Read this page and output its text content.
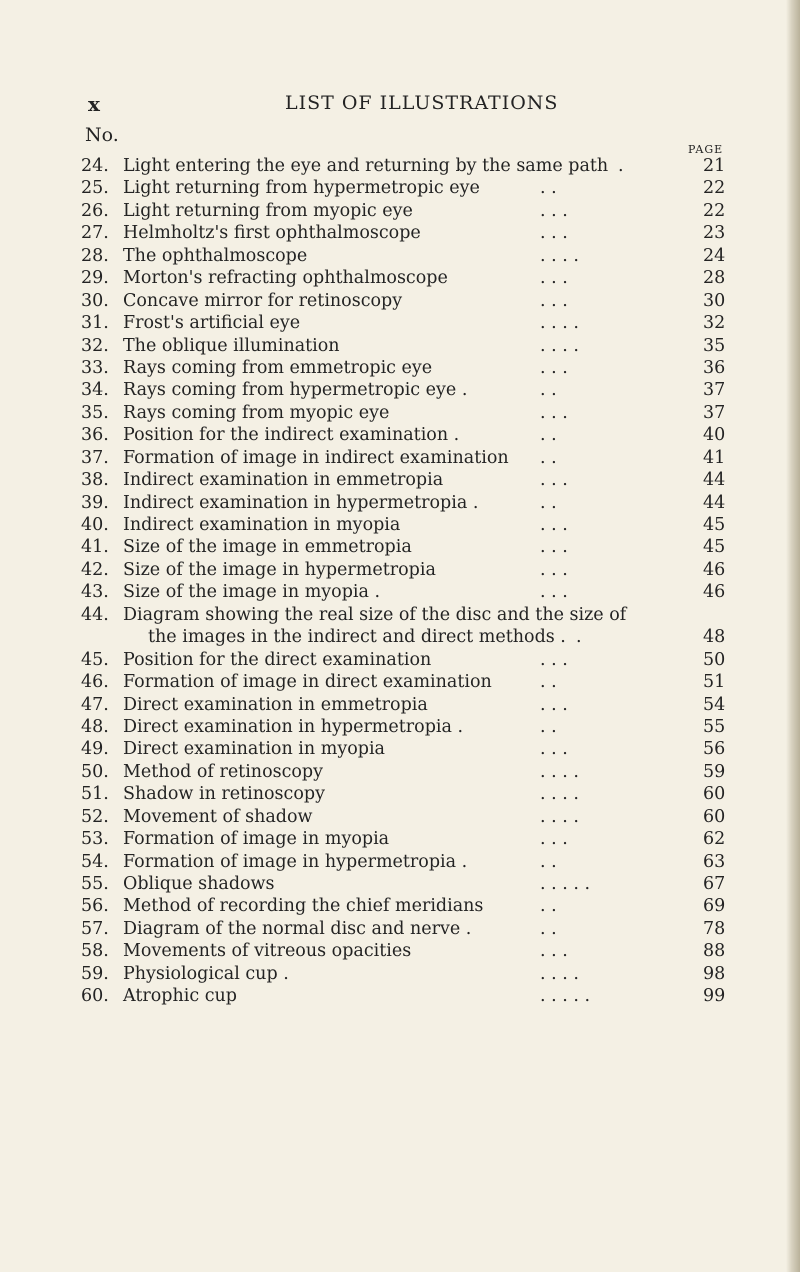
x	LIST OF ILLUSTRATIONS
No.
PAGE
24. Light entering the eye and returning by the same path .	21
25. Light returning from hypermetropic eye	. .	22
26. Light returning from myopic eye	. . .	22
27. Helmholtz's first ophthalmoscope	. . .	23
28. The ophthalmoscope	. . . .	24
29. Morton's refracting ophthalmoscope	. . .	28
30. Concave mirror for retinoscopy	. . .	30
31. Frost's artificial eye	. . . .	32
32. The oblique illumination	. . . .	35
33. Rays coming from emmetropic eye	. . .	36
34. Rays coming from hypermetropic eye .	. .	37
35. Rays coming from myopic eye	. . .	37
36. Position for the indirect examination .	. .	40
37. Formation of image in indirect examination . .	41
38. Indirect examination in emmetropia	. . .	44
39. Indirect examination in hypermetropia .	. .	44
40. Indirect examination in myopia	. . .	45
41. Size of the image in emmetropia	. . .	45
42. Size of the image in hypermetropia	. . .	46
43. Size of the image in myopia .	. . .	46
44. Diagram showing the real size of the disc and the size of
the images in the indirect and direct methods . .	48
45. Position for the direct examination	. . .	50
46. Formation of image in direct examination	. .	51
47. Direct examination in emmetropia	. . .	54
48. Direct examination in hypermetropia .	. .	55
49. Direct examination in myopia	. . .	56
50. Method of retinoscopy	. . . .	59
51. Shadow in retinoscopy	. . . .	60
52. Movement of shadow	. . . .	60
53. Formation of image in myopia	. . .	62
54. Formation of image in hypermetropia .	. .	63
55. Oblique shadows	. . . . .	67
56. Method of recording the chief meridians	. .	69
57. Diagram of the normal disc and nerve .	. .	78
58. Movements of vitreous opacities	. . .	88
59. Physiological cup .	. . . .	98
60. Atrophic cup	. . . . .	99
